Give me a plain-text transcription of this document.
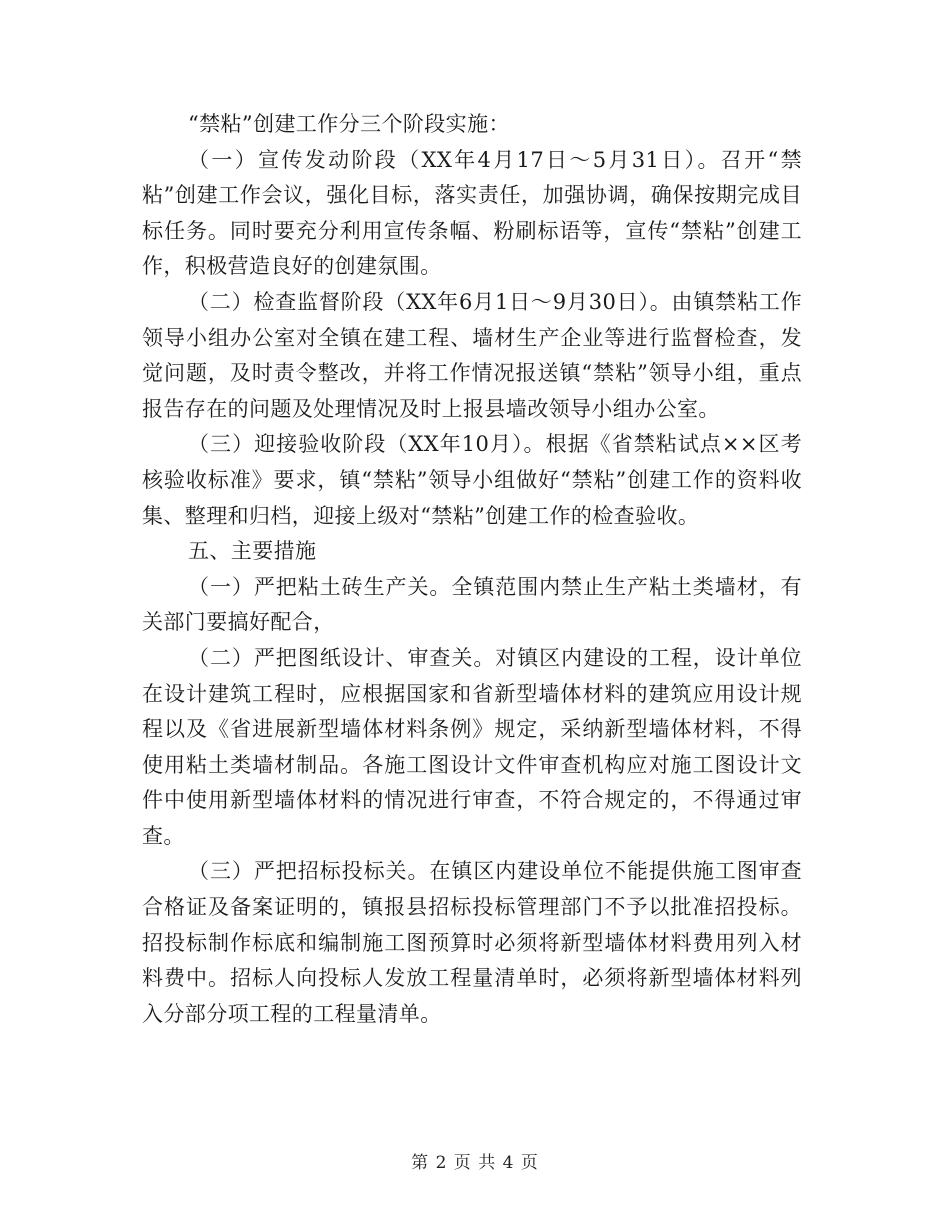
“禁粘”创建工作分三个阶段实施：

（一）宣传发动阶段（XX年4月17日～5月31日）。召开“禁粘”创建工作会议，强化目标，落实责任，加强协调，确保按期完成目标任务。同时要充分利用宣传条幅、粉刷标语等，宣传“禁粘”创建工作，积极营造良好的创建氛围。

（二）检查监督阶段（XX年6月1日～9月30日）。由镇禁粘工作领导小组办公室对全镇在建工程、墙材生产企业等进行监督检查，发觉问题，及时责令整改，并将工作情况报送镇“禁粘”领导小组，重点报告存在的问题及处理情况及时上报县墙改领导小组办公室。

（三）迎接验收阶段（XX年10月）。根据《省禁粘试点××区考核验收标准》要求，镇“禁粘”领导小组做好“禁粘”创建工作的资料收集、整理和归档，迎接上级对“禁粘”创建工作的检查验收。

五、主要措施

（一）严把粘土砖生产关。全镇范围内禁止生产粘土类墙材，有关部门要搞好配合，

（二）严把图纸设计、审查关。对镇区内建设的工程，设计单位在设计建筑工程时，应根据国家和省新型墙体材料的建筑应用设计规程以及《省进展新型墙体材料条例》规定，采纳新型墙体材料，不得使用粘土类墙材制品。各施工图设计文件审查机构应对施工图设计文件中使用新型墙体材料的情况进行审查，不符合规定的，不得通过审查。

（三）严把招标投标关。在镇区内建设单位不能提供施工图审查合格证及备案证明的，镇报县招标投标管理部门不予以批准招投标。招投标制作标底和编制施工图预算时必须将新型墙体材料费用列入材料费中。招标人向投标人发放工程量清单时，必须将新型墙体材料列入分部分项工程的工程量清单。

第 2 页 共 4 页
